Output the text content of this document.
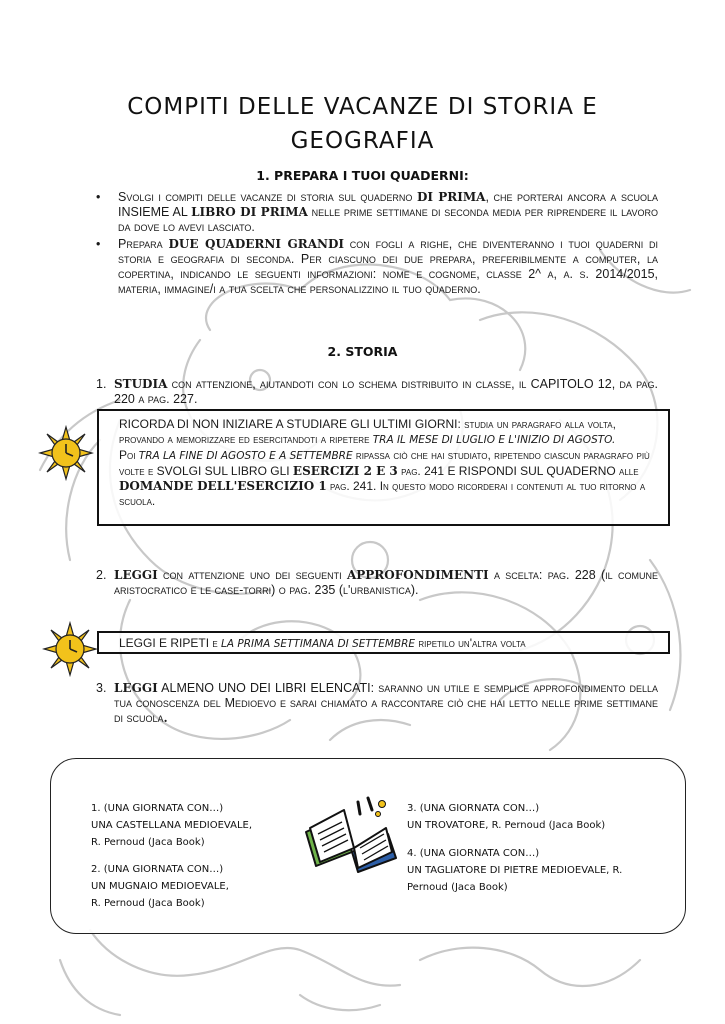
COMPITI DELLE VACANZE DI STORIA E
GEOGRAFIA
1. PREPARA I TUOI QUADERNI:
• Svolgi i compiti delle vacanze di storia sul quaderno DI PRIMA, che porterai ancora a scuola INSIEME AL LIBRO DI PRIMA nelle prime settimane di seconda media per riprendere il lavoro da dove lo avevi lasciato.
• Prepara DUE QUADERNI GRANDI con fogli a righe, che diventeranno i tuoi quaderni di storia e geografia di seconda. Per ciascuno dei due prepara, preferibilmente a computer, la copertina, indicando le seguenti informazioni: nome e cognome, classe 2^ a, a. s. 2014/2015, materia, immagine/i a tua scelta che personalizzino il tuo quaderno.
2. STORIA
1. STUDIA con attenzione, aiutandoti con lo schema distribuito in classe, il CAPITOLO 12, da pag. 220 a pag. 227.
RICORDA DI NON INIZIARE A STUDIARE GLI ULTIMI GIORNI: studia un paragrafo alla volta, provando a memorizzare ed esercitandoti a ripetere TRA IL MESE DI LUGLIO E L'INIZIO DI AGOSTO.
Poi TRA LA FINE DI AGOSTO E A SETTEMBRE ripassa ciò che hai studiato, ripetendo ciascun paragrafo più volte e SVOLGI SUL LIBRO GLI ESERCIZI 2 E 3 pag. 241 E RISPONDI SUL QUADERNO alle DOMANDE DELL'ESERCIZIO 1 pag. 241. In questo modo ricorderai i contenuti al tuo ritorno a scuola.
2. LEGGI con attenzione uno dei seguenti APPROFONDIMENTI a scelta: pag. 228 (il comune aristocratico e le case-torri) o pag. 235 (l'urbanistica).
LEGGI E RIPETI e LA PRIMA SETTIMANA DI SETTEMBRE ripetilo un'altra volta
3. LEGGI ALMENO UNO DEI LIBRI ELENCATI: saranno un utile e semplice approfondimento della tua conoscenza del Medioevo e sarai chiamato a raccontare ciò che hai letto nelle prime settimane di scuola.
1. (UNA GIORNATA CON…)
UNA CASTELLANA MEDIOEVALE,
R. Pernoud (Jaca Book)
2. (UNA GIORNATA CON…)
UN MUGNAIO MEDIOEVALE,
R. Pernoud (Jaca Book)
3. (UNA GIORNATA CON…)
UN TROVATORE, R. Pernoud (Jaca Book)
4. (UNA GIORNATA CON…)
UN TAGLIATORE DI PIETRE MEDIOEVALE, R.
Pernoud (Jaca Book)
